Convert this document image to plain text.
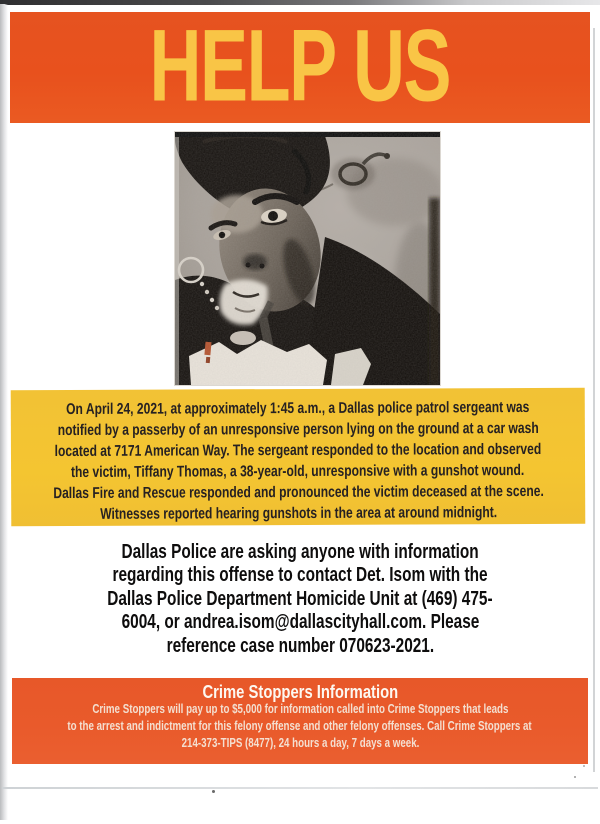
HELP US
On April 24, 2021, at approximately 1:45 a.m., a Dallas police patrol sergeant was
notified by a passerby of an unresponsive person lying on the ground at a car wash
located at 7171 American Way. The sergeant responded to the location and observed
the victim, Tiffany Thomas, a 38-year-old, unresponsive with a gunshot wound.
Dallas Fire and Rescue responded and pronounced the victim deceased at the scene.
Witnesses reported hearing gunshots in the area at around midnight.
Dallas Police are asking anyone with information
regarding this offense to contact Det. Isom with the
Dallas Police Department Homicide Unit at (469) 475-
6004, or andrea.isom@dallascityhall.com. Please
reference case number 070623-2021.
Crime Stoppers Information
Crime Stoppers will pay up to $5,000 for information called into Crime Stoppers that leads
to the arrest and indictment for this felony offense and other felony offenses. Call Crime Stoppers at
214-373-TIPS (8477), 24 hours a day, 7 days a week.
